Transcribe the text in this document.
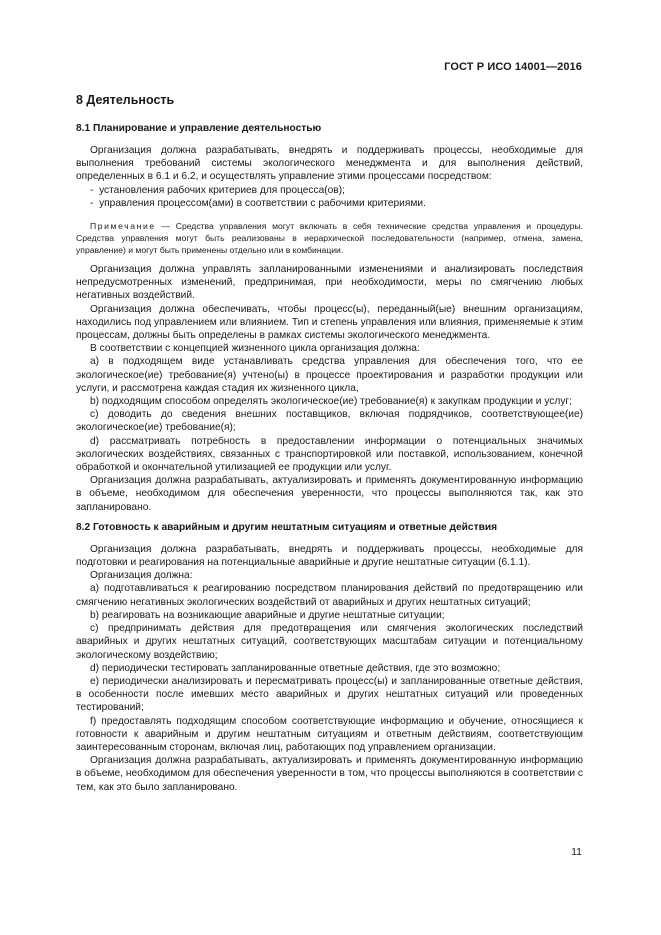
ГОСТ Р ИСО 14001—2016
8 Деятельность
8.1 Планирование и управление деятельностью

Организация должна разрабатывать, внедрять и поддерживать процессы, необходимые для выполнения требований системы экологического менеджмента и для выполнения действий, определенных в 6.1 и 6.2, и осуществлять управление этими процессами посредством:

-  установления рабочих критериев для процесса(ов);

-  управления процессом(ами) в соответствии с рабочими критериями.

Примечание — Средства управления могут включать в себя технические средства управления и процедуры. Средства управления могут быть реализованы в иерархической последовательности (например, отмена, замена, управление) и могут быть применены отдельно или в комбинации.

Организация должна управлять запланированными изменениями и анализировать последствия непредусмотренных изменений, предпринимая, при необходимости, меры по смягчению любых негативных воздействий.

Организация должна обеспечивать, чтобы процесс(ы), переданный(ые) внешним организациям, находились под управлением или влиянием. Тип и степень управления или влияния, применяемые к этим процессам, должны быть определены в рамках системы экологического менеджмента.

В соответствии с концепцией жизненного цикла организация должна:

a) в подходящем виде устанавливать средства управления для обеспечения того, что ее экологическое(ие) требование(я) учтено(ы) в процессе проектирования и разработки продукции или услуги, и рассмотрена каждая стадия их жизненного цикла,

b) подходящим способом определять экологическое(ие) требование(я) к закупкам продукции и услуг;

c) доводить до сведения внешних поставщиков, включая подрядчиков, соответствующее(ие) экологическое(ие) требование(я);

d) рассматривать потребность в предоставлении информации о потенциальных значимых экологических воздействиях, связанных с транспортировкой или поставкой, использованием, конечной обработкой и окончательной утилизацией ее продукции или услуг.

Организация должна разрабатывать, актуализировать и применять документированную информацию в объеме, необходимом для обеспечения уверенности, что процессы выполняются так, как это запланировано.

8.2 Готовность к аварийным и другим нештатным ситуациям и ответные действия

Организация должна разрабатывать, внедрять и поддерживать процессы, необходимые для подготовки и реагирования на потенциальные аварийные и другие нештатные ситуации (6.1.1).

Организация должна:

a) подготавливаться к реагированию посредством планирования действий по предотвращению или смягчению негативных экологических воздействий от аварийных и других нештатных ситуаций;

b) реагировать на возникающие аварийные и другие нештатные ситуации;

c) предпринимать действия для предотвращения или смягчения экологических последствий аварийных и других нештатных ситуаций, соответствующих масштабам ситуации и потенциальному экологическому воздействию;

d) периодически тестировать запланированные ответные действия, где это возможно;

e) периодически анализировать и пересматривать процесс(ы) и запланированные ответные действия, в особенности после имевших место аварийных и других нештатных ситуаций или проведенных тестирований;

f) предоставлять подходящим способом соответствующие информацию и обучение, относящиеся к готовности к аварийным и другим нештатным ситуациям и ответным действиям, соответствующим заинтересованным сторонам, включая лиц, работающих под управлением организации.

Организация должна разрабатывать, актуализировать и применять документированную информацию в объеме, необходимом для обеспечения уверенности в том, что процессы выполняются в соответствии с тем, как это было запланировано.

11
